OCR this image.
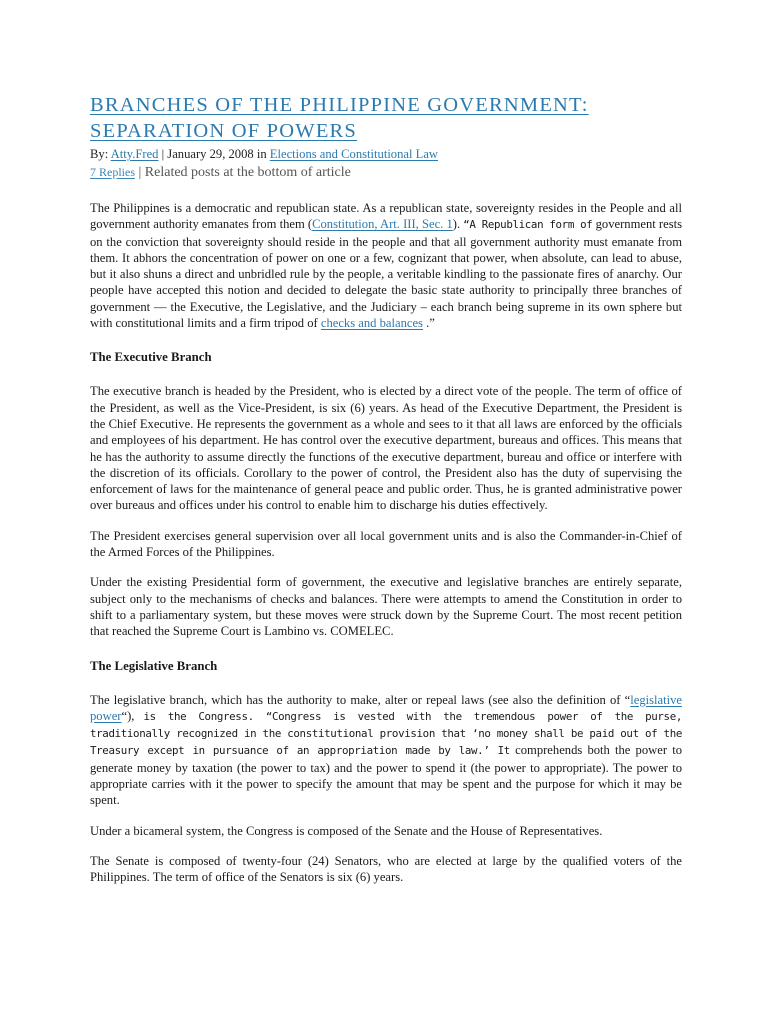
BRANCHES OF THE PHILIPPINE GOVERNMENT:
SEPARATION OF POWERS
By: Atty.Fred | January 29, 2008 in Elections and Constitutional Law
7 Replies | Related posts at the bottom of article

The Philippines is a democratic and republican state. As a republican state, sovereignty resides in the People and all government authority emanates from them (Constitution, Art. III, Sec. 1). “A Republican form of government rests on the conviction that sovereignty should reside in the people and that all government authority must emanate from them. It abhors the concentration of power on one or a few, cognizant that power, when absolute, can lead to abuse, but it also shuns a direct and unbridled rule by the people, a veritable kindling to the passionate fires of anarchy. Our people have accepted this notion and decided to delegate the basic state authority to principally three branches of government — the Executive, the Legislative, and the Judiciary – each branch being supreme in its own sphere but with constitutional limits and a firm tripod of checks and balances .”

The Executive Branch

The executive branch is headed by the President, who is elected by a direct vote of the people. The term of office of the President, as well as the Vice-President, is six (6) years. As head of the Executive Department, the President is the Chief Executive. He represents the government as a whole and sees to it that all laws are enforced by the officials and employees of his department. He has control over the executive department, bureaus and offices. This means that he has the authority to assume directly the functions of the executive department, bureau and office or interfere with the discretion of its officials. Corollary to the power of control, the President also has the duty of supervising the enforcement of laws for the maintenance of general peace and public order. Thus, he is granted administrative power over bureaus and offices under his control to enable him to discharge his duties effectively.

The President exercises general supervision over all local government units and is also the Commander-in-Chief of the Armed Forces of the Philippines.

Under the existing Presidential form of government, the executive and legislative branches are entirely separate, subject only to the mechanisms of checks and balances. There were attempts to amend the Constitution in order to shift to a parliamentary system, but these moves were struck down by the Supreme Court. The most recent petition that reached the Supreme Court is Lambino vs. COMELEC.

The Legislative Branch

The legislative branch, which has the authority to make, alter or repeal laws (see also the definition of “legislative power“), is the Congress. “Congress is vested with the tremendous power of the purse, traditionally recognized in the constitutional provision that ‘no money shall be paid out of the Treasury except in pursuance of an appropriation made by law.’ It comprehends both the power to generate money by taxation (the power to tax) and the power to spend it (the power to appropriate). The power to appropriate carries with it the power to specify the amount that may be spent and the purpose for which it may be spent.

Under a bicameral system, the Congress is composed of the Senate and the House of Representatives.

The Senate is composed of twenty-four (24) Senators, who are elected at large by the qualified voters of the Philippines. The term of office of the Senators is six (6) years.
